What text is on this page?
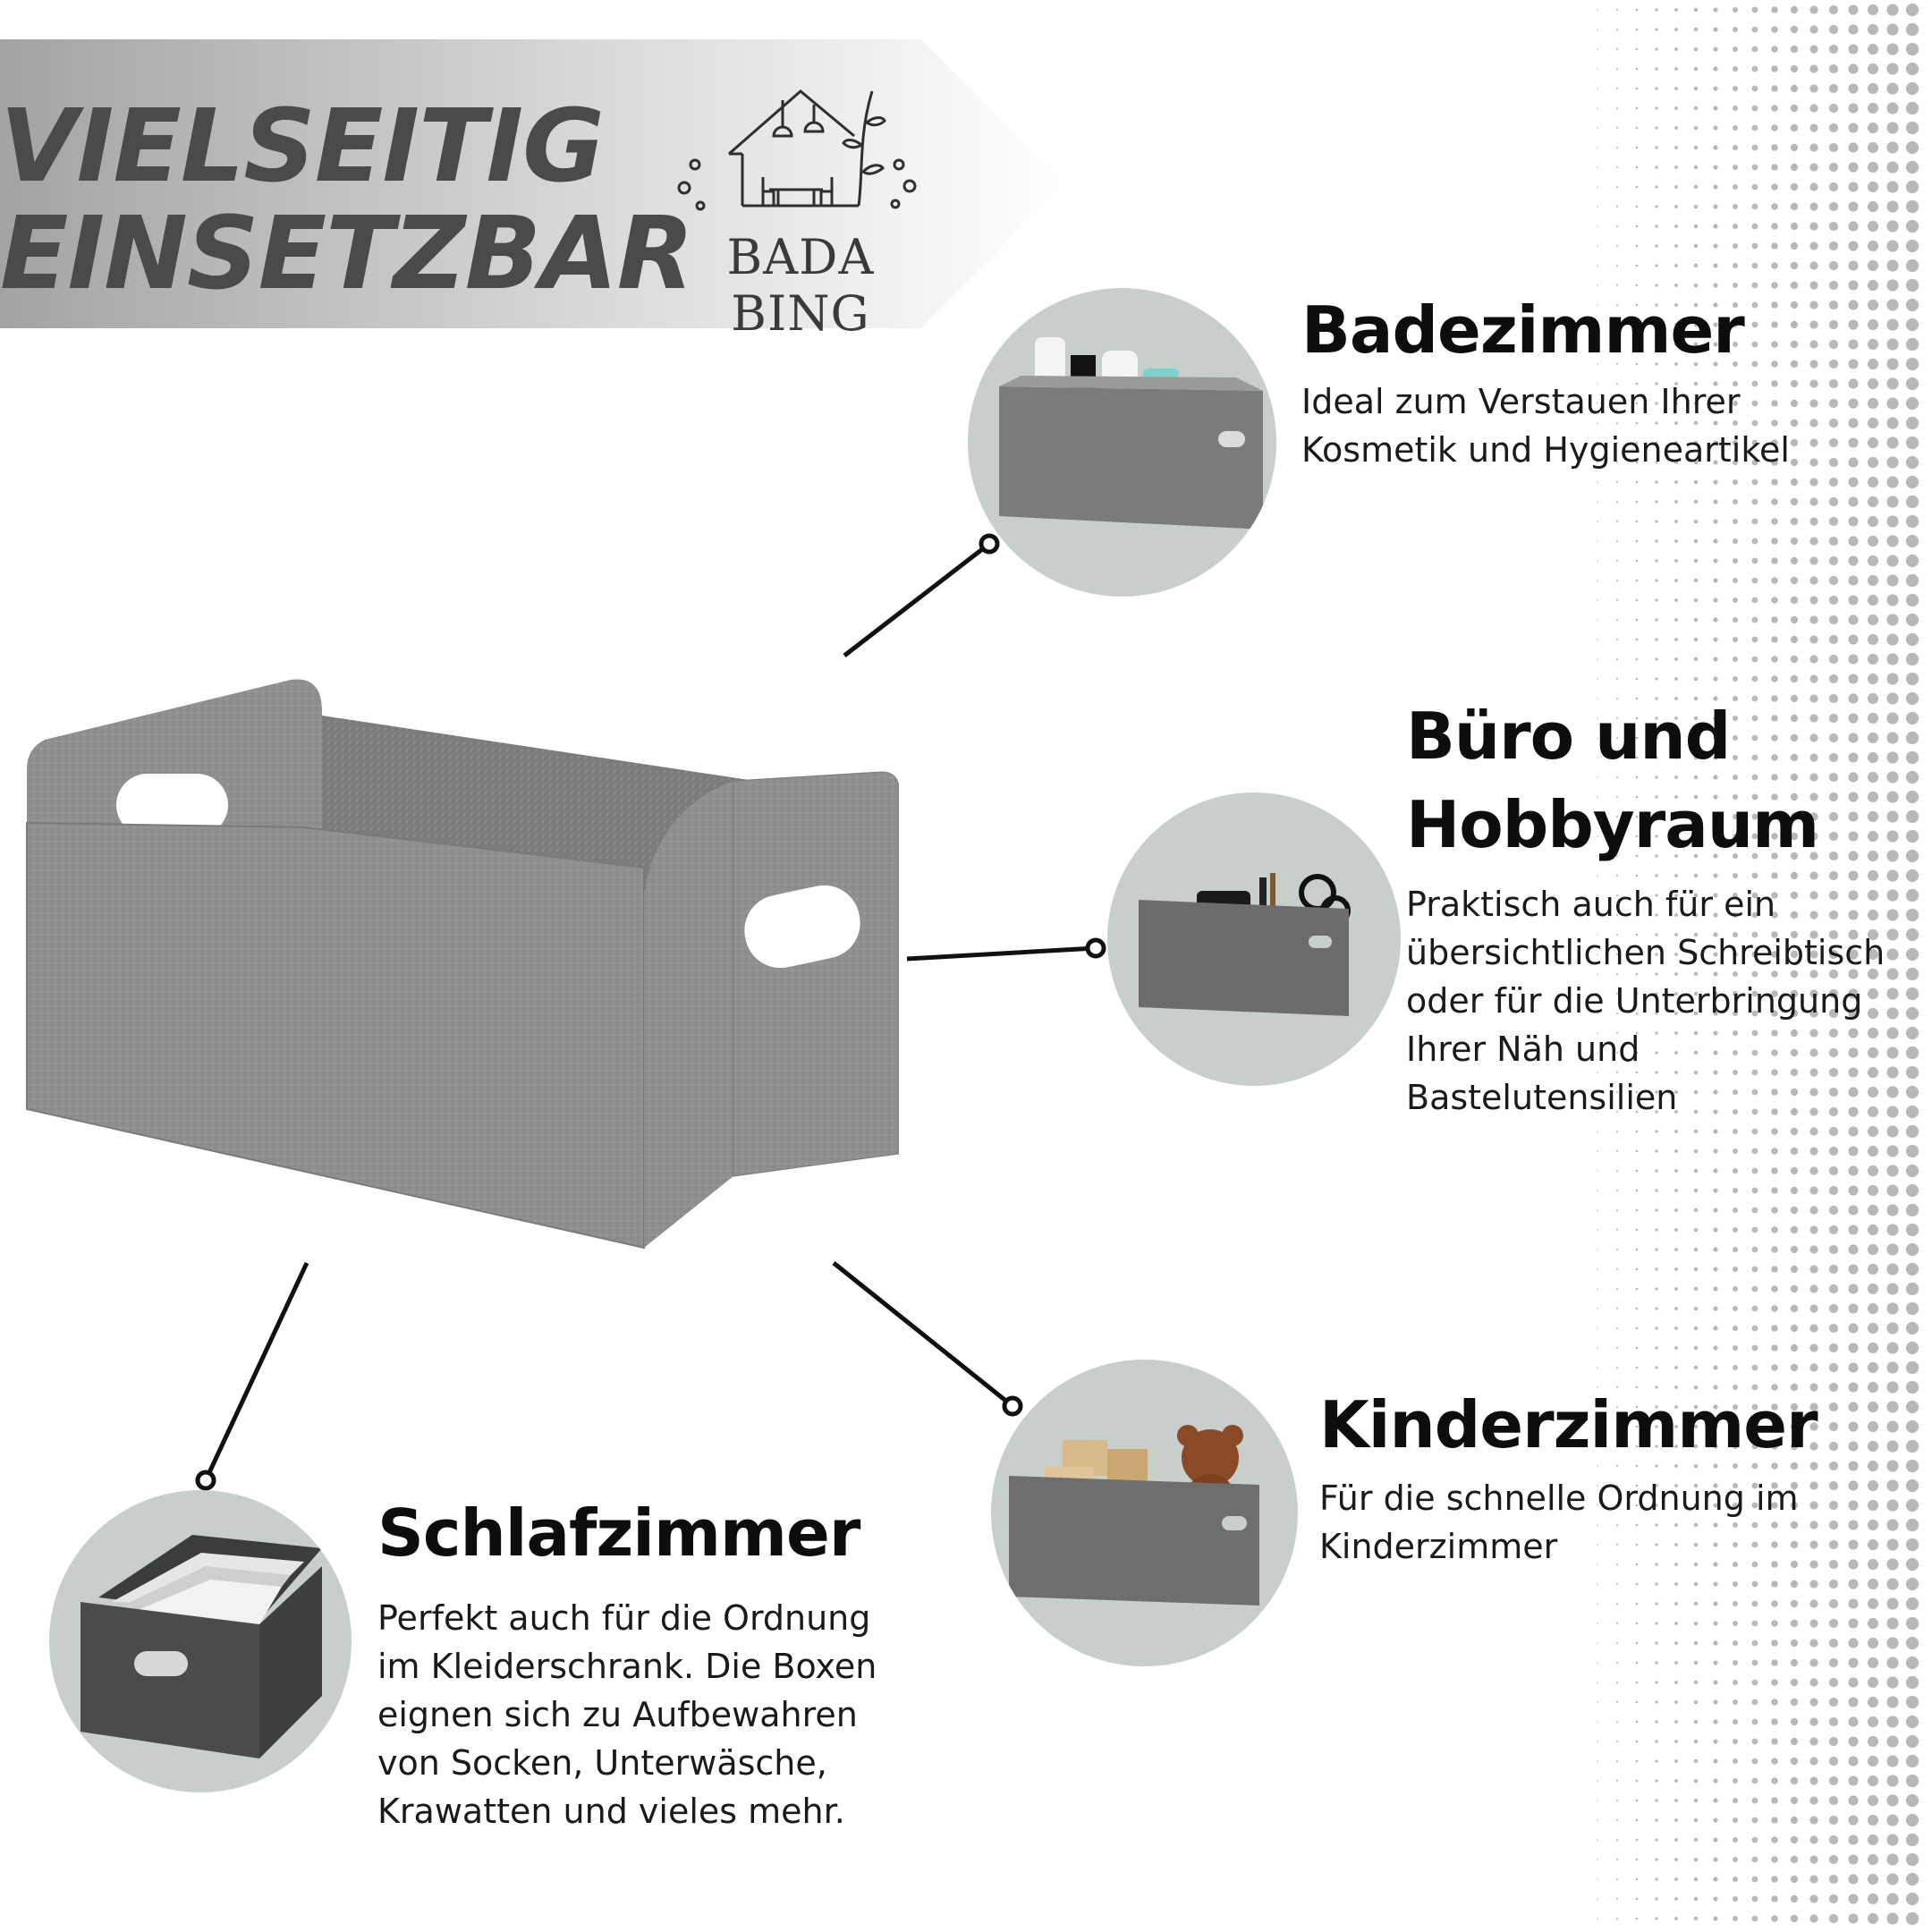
VIELSEITIG
EINSETZBAR BADA BING	Badezimmer
Ideal zum Verstauen Ihrer
Kosmetik und Hygieneartikel
Büro und
Hobbyraum
Praktisch auch für ein
übersichtlichen Schreibtisch
oder für die Unterbringung
Ihrer Näh und
Bastelutensilien
Kinderzimmer
Für die schnelle Ordnung im
Kinderzimmer
Schlafzimmer
Perfekt auch für die Ordnung
im Kleiderschrank. Die Boxen
eignen sich zu Aufbewahren
von Socken, Unterwäsche,
Krawatten und vieles mehr.
